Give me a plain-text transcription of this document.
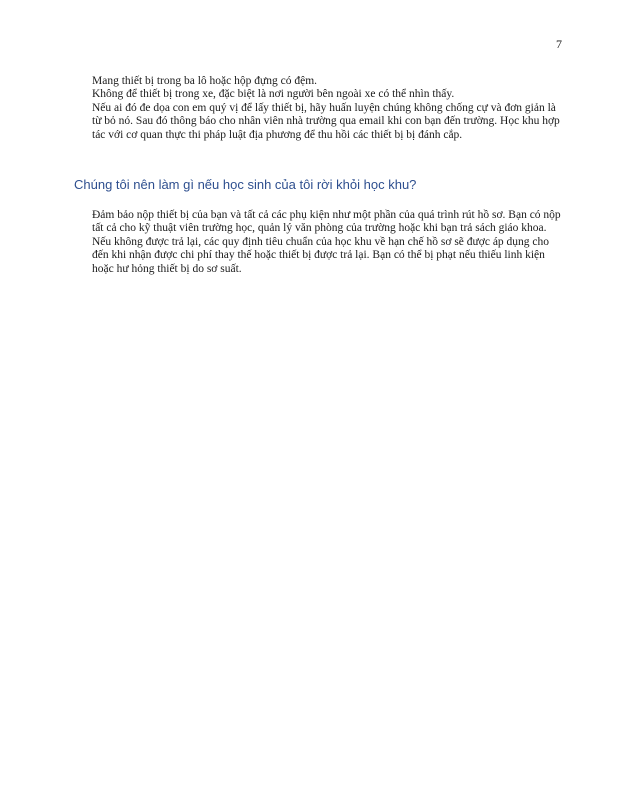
7
Mang thiết bị trong ba lô hoặc hộp đựng có đệm.
Không để thiết bị trong xe, đặc biệt là nơi người bên ngoài xe có thể nhìn thấy.
Nếu ai đó đe dọa con em quý vị để lấy thiết bị, hãy huấn luyện chúng không chống cự và đơn giản là từ bỏ nó. Sau đó thông báo cho nhân viên nhà trường qua email khi con bạn đến trường. Học khu hợp tác với cơ quan thực thi pháp luật địa phương để thu hồi các thiết bị bị đánh cắp.
Chúng tôi nên làm gì nếu học sinh của tôi rời khỏi học khu?
Đảm bảo nộp thiết bị của bạn và tất cả các phụ kiện như một phần của quá trình rút hồ sơ. Bạn có nộp tất cả cho kỹ thuật viên trường học, quản lý văn phòng của trường hoặc khi bạn trả sách giáo khoa.
Nếu không được trả lại, các quy định tiêu chuẩn của học khu về hạn chế hồ sơ sẽ được áp dụng cho đến khi nhận được chi phí thay thế hoặc thiết bị được trả lại. Bạn có thể bị phạt nếu thiếu linh kiện hoặc hư hỏng thiết bị do sơ suất.
